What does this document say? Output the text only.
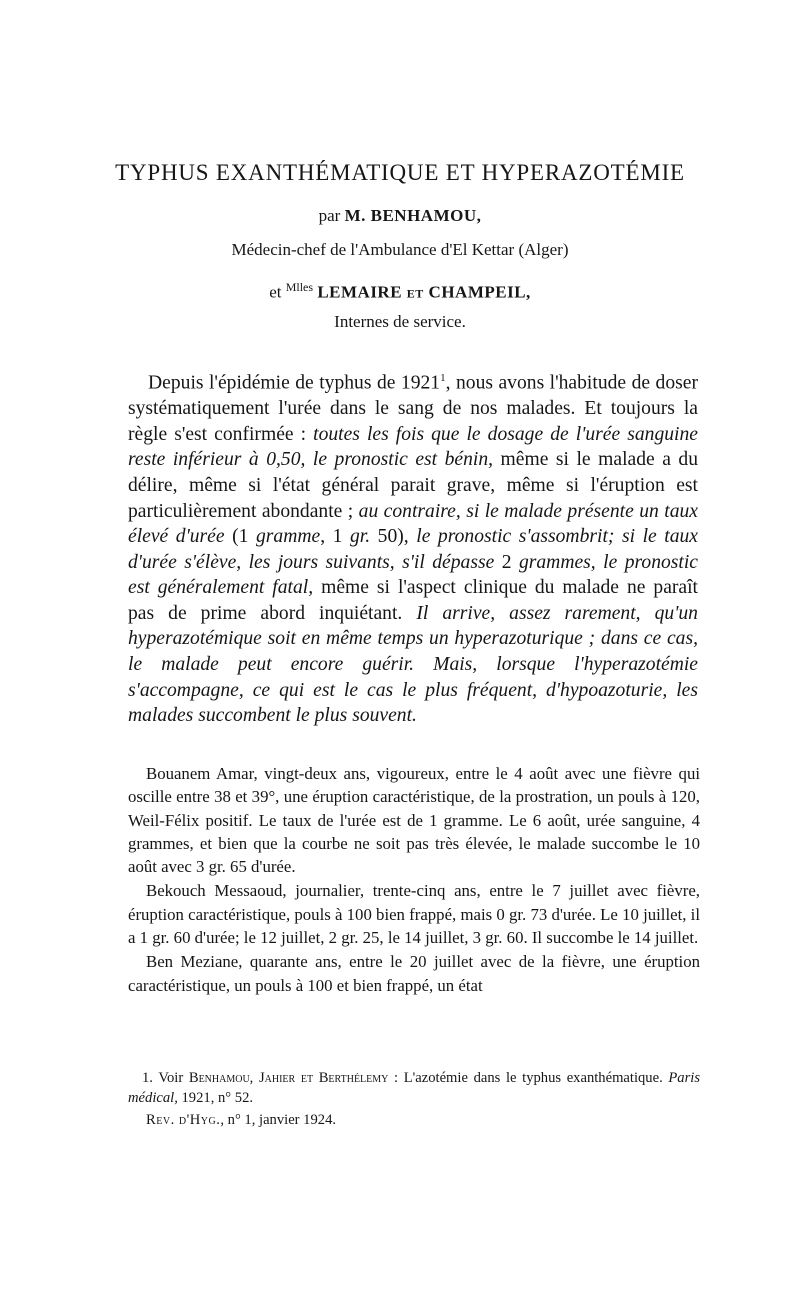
TYPHUS EXANTHÉMATIQUE ET HYPERAZOTÉMIE
par M. BENHAMOU,
Médecin-chef de l'Ambulance d'El Kettar (Alger)
et $^{Mlles}$ LEMAIRE et CHAMPEIL,
Internes de service.

Depuis l'épidémie de typhus de 1921$^1$, nous avons l'habitude de doser systématiquement l'urée dans le sang de nos malades. Et toujours la règle s'est confirmée : toutes les fois que le dosage de l'urée sanguine reste inférieur à 0,50, le pronostic est bénin, même si le malade a du délire, même si l'état général parait grave, même si l'éruption est particulièrement abondante ; au contraire, si le malade présente un taux élevé d'urée (1 gramme, 1 gr. 50), le pronostic s'assombrit; si le taux d'urée s'élève, les jours suivants, s'il dépasse 2 grammes, le pronostic est généralement fatal, même si l'aspect clinique du malade ne paraît pas de prime abord inquiétant. Il arrive, assez rarement, qu'un hyperazotémique soit en même temps un hyperazoturique ; dans ce cas, le malade peut encore guérir. Mais, lorsque l'hyperazotémie s'accompagne, ce qui est le cas le plus fréquent, d'hypoazoturie, les malades succombent le plus souvent.

Bouanem Amar, vingt-deux ans, vigoureux, entre le 4 août avec une fièvre qui oscille entre 38 et 39°, une éruption caractéristique, de la prostration, un pouls à 120, Weil-Félix positif. Le taux de l'urée est de 1 gramme. Le 6 août, urée sanguine, 4 grammes, et bien que la courbe ne soit pas très élevée, le malade succombe le 10 août avec 3 gr. 65 d'urée.

Bekouch Messaoud, journalier, trente-cinq ans, entre le 7 juillet avec fièvre, éruption caractéristique, pouls à 100 bien frappé, mais 0 gr. 73 d'urée. Le 10 juillet, il a 1 gr. 60 d'urée; le 12 juillet, 2 gr. 25, le 14 juillet, 3 gr. 60. Il succombe le 14 juillet.

Ben Meziane, quarante ans, entre le 20 juillet avec de la fièvre, une éruption caractéristique, un pouls à 100 et bien frappé, un état

1. Voir Benhamou, Jahier et Berthélemy : L'azotémie dans le typhus exanthématique. Paris médical, 1921, n° 52.

Rev. d'Hyg., n° 1, janvier 1924.
